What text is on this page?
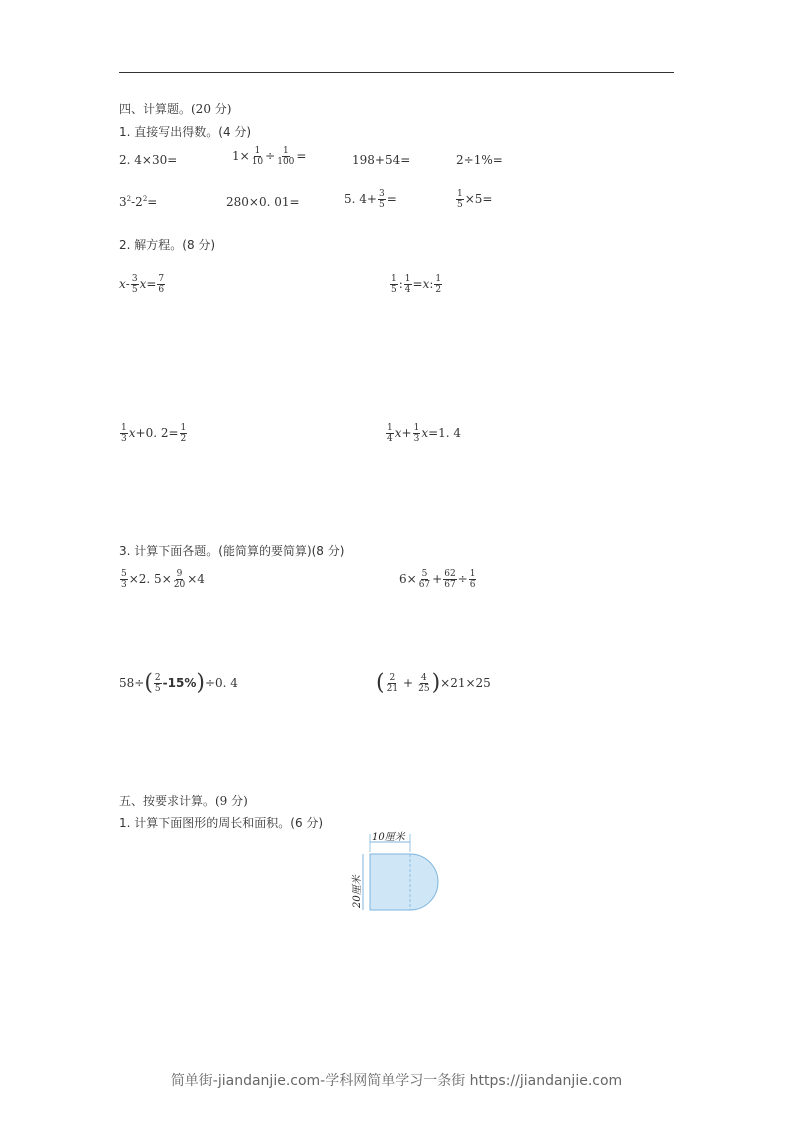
四、计算题。(20 分)
1. 直接写出得数。(4 分)
2. 4×30=	$1\times \frac{1}{10} \div \frac{1}{100}$ =	198+54=	2÷1%=
$3^2-2^2=$	280×0. 01=	5. $4+ \frac{3}{5}$ =	$\frac{1}{5} \times 5=$
2. 解方程。(8 分)
$x- \frac{3}{5} x= \frac{7}{6}$	$\frac{1}{5}$ : $\frac{1}{4} =x$: $\frac{1}{2}$
$\frac{1}{3} x+0$. $2= \frac{1}{2}$	$\frac{1}{4} x+ \frac{1}{3} x=1$. 4
3. 计算下面各题。(能简算的要简算)(8 分)
$\frac{5}{3} \times 2$. $5\times \frac{9}{20} \times 4$	$6\times \frac{5}{67} + \frac{62}{67} \div \frac{1}{6}$
$58\div( \frac{2}{5} -15\%)\div 0$. 4	( $\frac{2}{21} + \frac{4}{25} )\times 21\times 25$
五、按要求计算。(9 分)
1. 计算下面图形的周长和面积。(6 分)
10厘米
20厘米
简单街-jiandanjie.com-学科网简单学习一条街 https://jiandanjie.com
